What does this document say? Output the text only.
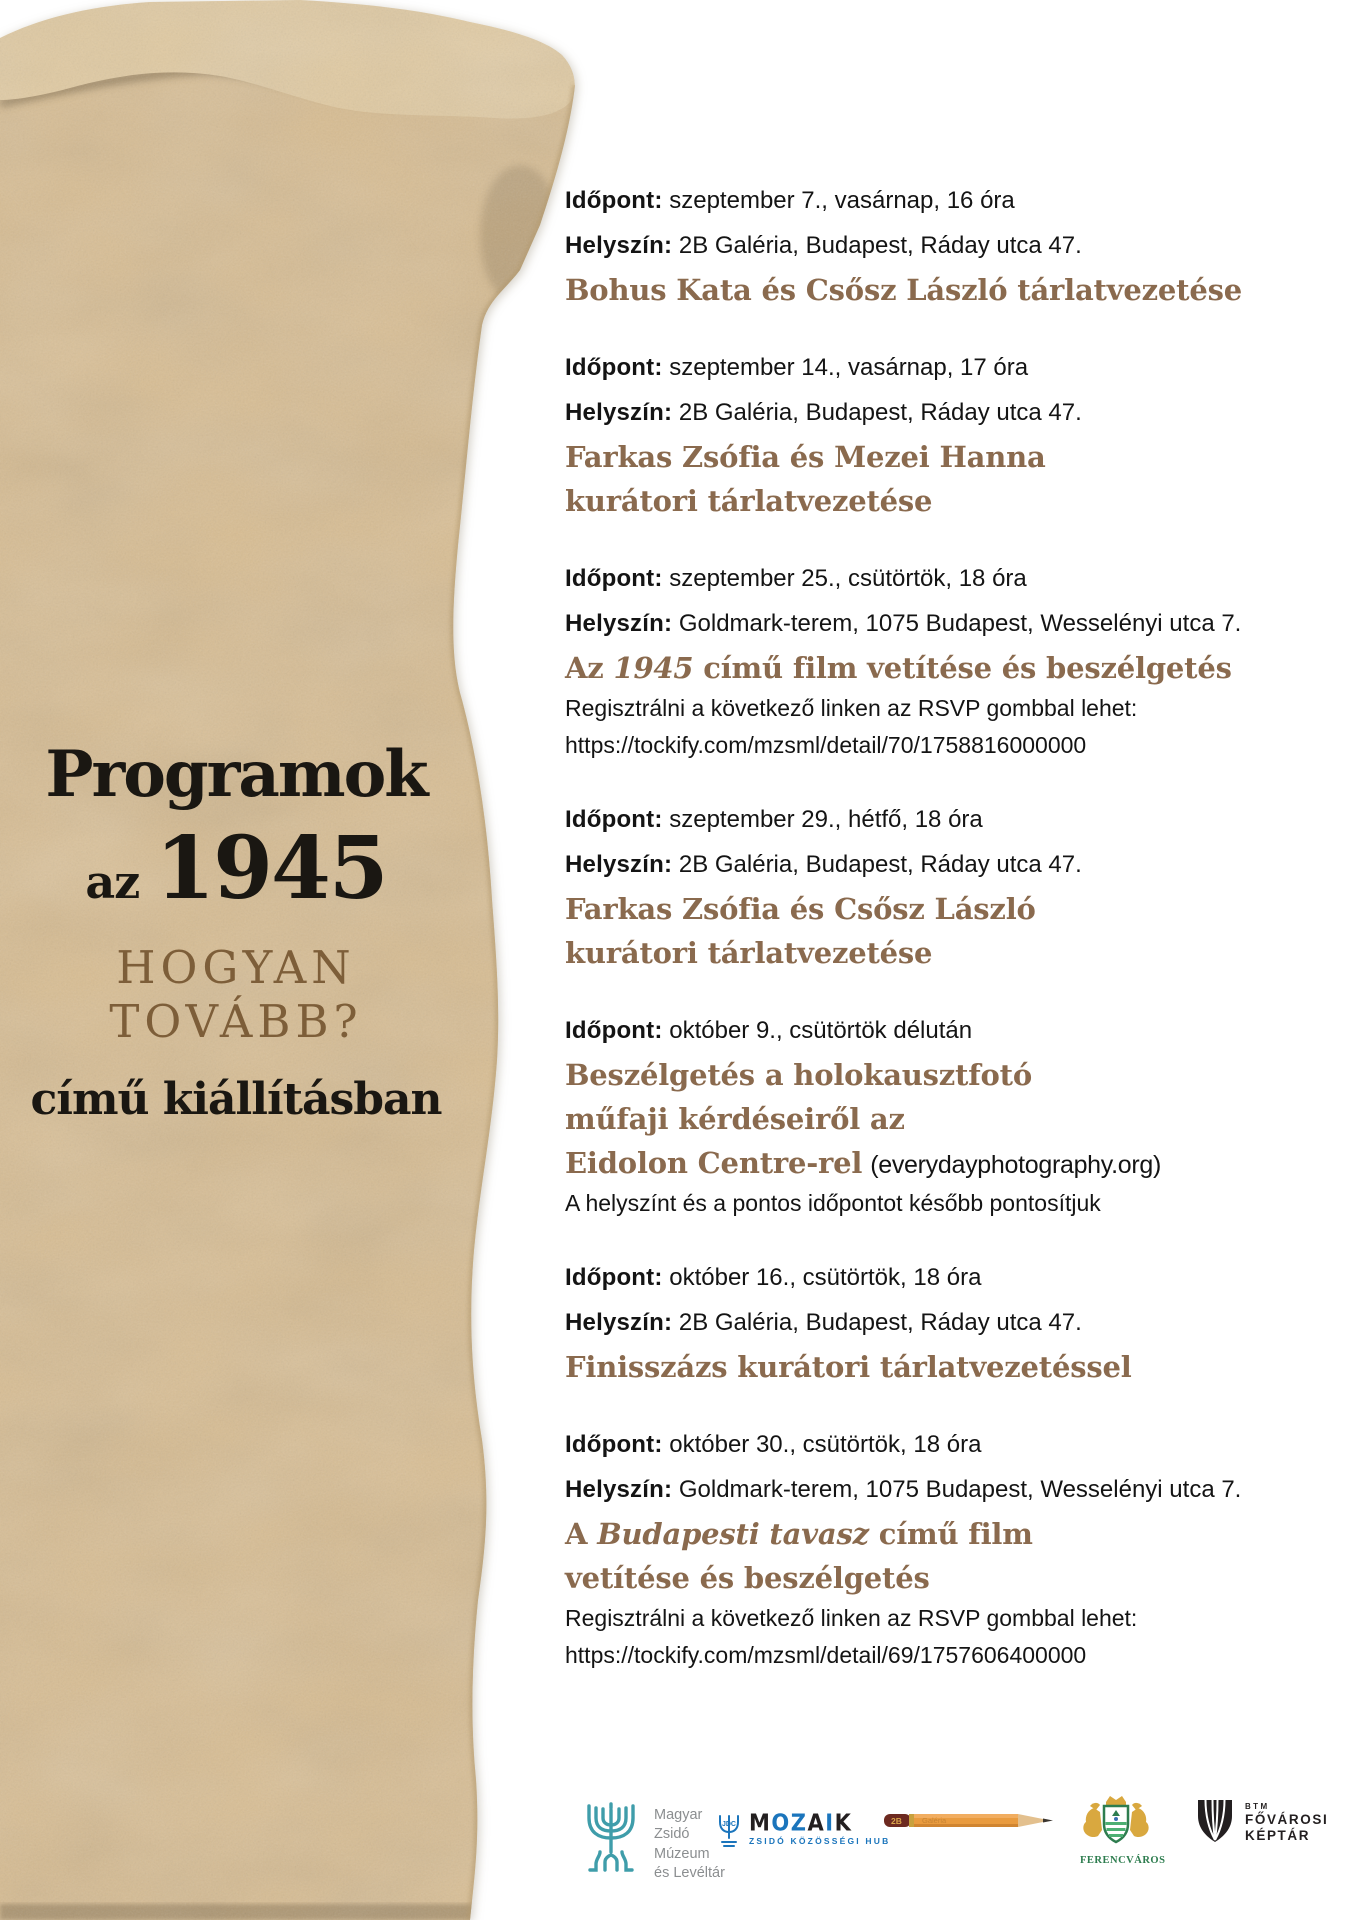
Programok
az 1945
HOGYAN
TOVÁBB?
című kiállításban
Időpont: szeptember 7., vasárnap, 16 óra
Helyszín: 2B Galéria, Budapest, Ráday utca 47.
Bohus Kata és Csősz László tárlatvezetése
Időpont: szeptember 14., vasárnap, 17 óra
Helyszín: 2B Galéria, Budapest, Ráday utca 47.
Farkas Zsófia és Mezei Hanna
kurátori tárlatvezetése
Időpont: szeptember 25., csütörtök, 18 óra
Helyszín: Goldmark-terem, 1075 Budapest, Wesselényi utca 7.
Az 1945 című film vetítése és beszélgetés
Regisztrálni a következő linken az RSVP gombbal lehet:
https://tockify.com/mzsml/detail/70/1758816000000
Időpont: szeptember 29., hétfő, 18 óra
Helyszín: 2B Galéria, Budapest, Ráday utca 47.
Farkas Zsófia és Csősz László
kurátori tárlatvezetése
Időpont: október 9., csütörtök délután
Beszélgetés a holokausztfotó
műfaji kérdéseiről az
Eidolon Centre-rel (everydayphotography.org)
A helyszínt és a pontos időpontot később pontosítjuk
Időpont: október 16., csütörtök, 18 óra
Helyszín: 2B Galéria, Budapest, Ráday utca 47.
Finisszázs kurátori tárlatvezetéssel
Időpont: október 30., csütörtök, 18 óra
Helyszín: Goldmark-terem, 1075 Budapest, Wesselényi utca 7.
A Budapesti tavasz című film
vetítése és beszélgetés
Regisztrálni a következő linken az RSVP gombbal lehet:
https://tockify.com/mzsml/detail/69/1757606400000
Magyar
Zsidó
Múzeum
és Levéltár
JDC MOZAIK
ZSIDÓ KÖZÖSSÉGI HUB
2B	Galéria
FERENCVÁROS
BTM
FŐVÁROSI
KÉPTÁR
